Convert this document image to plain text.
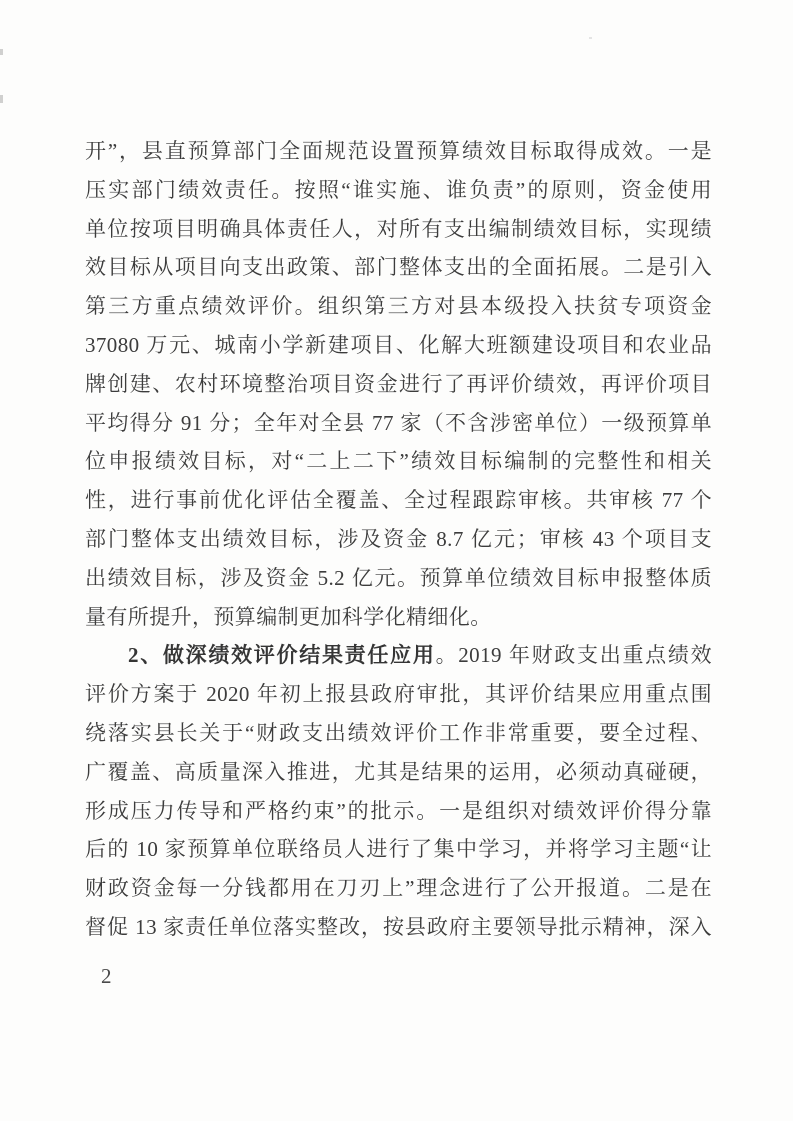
开”，县直预算部门全面规范设置预算绩效目标取得成效。一是
压实部门绩效责任。按照“谁实施、谁负责”的原则，资金使用
单位按项目明确具体责任人，对所有支出编制绩效目标，实现绩
效目标从项目向支出政策、部门整体支出的全面拓展。二是引入
第三方重点绩效评价。组织第三方对县本级投入扶贫专项资金
37080 万元、城南小学新建项目、化解大班额建设项目和农业品
牌创建、农村环境整治项目资金进行了再评价绩效，再评价项目
平均得分 91 分；全年对全县 77 家（不含涉密单位）一级预算单
位申报绩效目标，对“二上二下”绩效目标编制的完整性和相关
性，进行事前优化评估全覆盖、全过程跟踪审核。共审核 77 个
部门整体支出绩效目标，涉及资金 8.7 亿元；审核 43 个项目支
出绩效目标，涉及资金 5.2 亿元。预算单位绩效目标申报整体质
量有所提升，预算编制更加科学化精细化。
2、做深绩效评价结果责任应用。2019 年财政支出重点绩效
评价方案于 2020 年初上报县政府审批，其评价结果应用重点围
绕落实县长关于“财政支出绩效评价工作非常重要，要全过程、
广覆盖、高质量深入推进，尤其是结果的运用，必须动真碰硬，
形成压力传导和严格约束”的批示。一是组织对绩效评价得分靠
后的 10 家预算单位联络员人进行了集中学习，并将学习主题“让
财政资金每一分钱都用在刀刃上”理念进行了公开报道。二是在
督促 13 家责任单位落实整改，按县政府主要领导批示精神，深入
2
